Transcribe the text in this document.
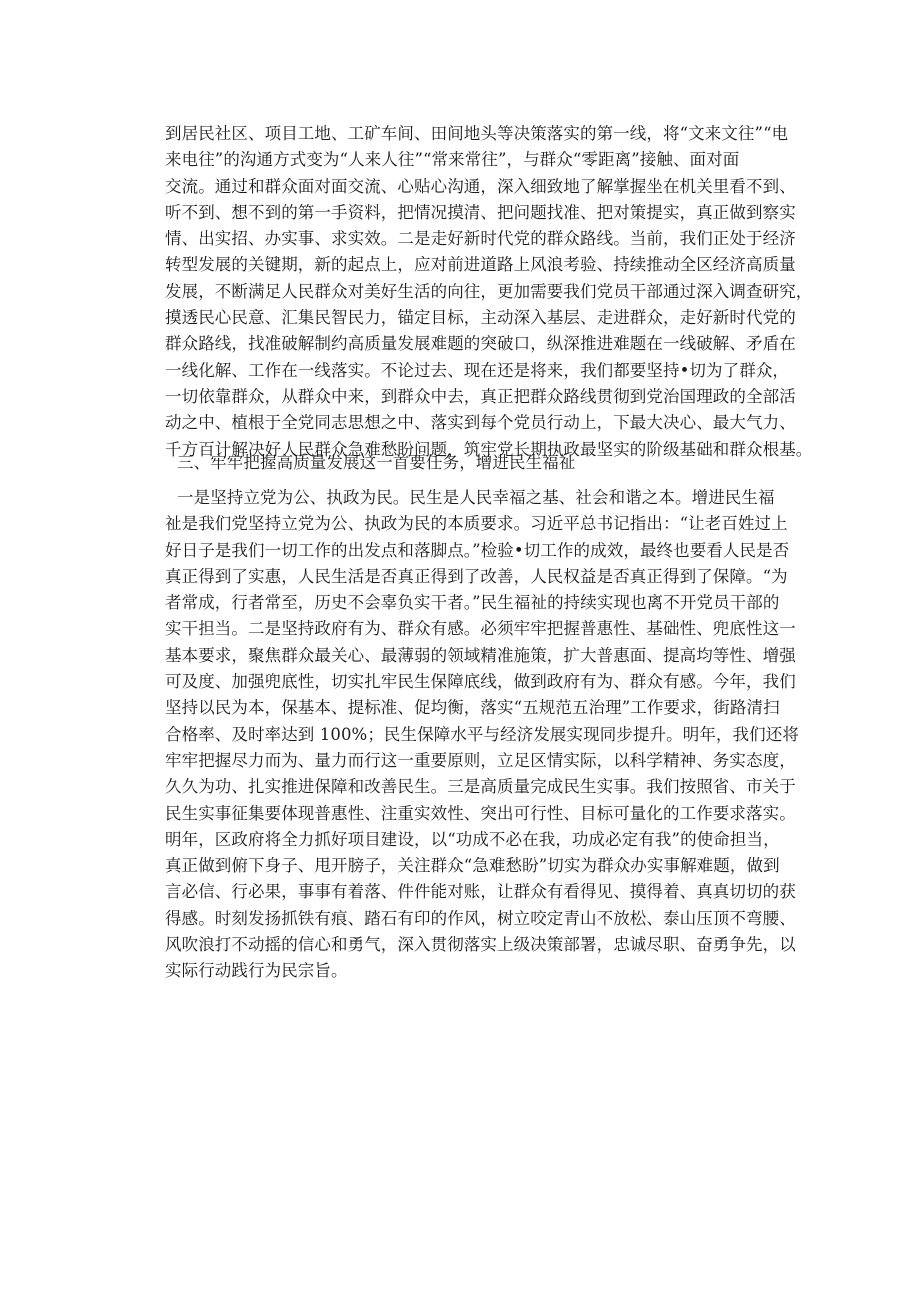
到居民社区、项目工地、工矿车间、田间地头等决策落实的第一线，将“文来文往”“电
来电往”的沟通方式变为“人来人往”“常来常往”，与群众“零距离”接触、面对面
交流。通过和群众面对面交流、心贴心沟通，深入细致地了解掌握坐在机关里看不到、
听不到、想不到的第一手资料，把情况摸清、把问题找准、把对策提实，真正做到察实
情、出实招、办实事、求实效。二是走好新时代党的群众路线。当前，我们正处于经济
转型发展的关键期，新的起点上，应对前进道路上风浪考验、持续推动全区经济高质量
发展，不断满足人民群众对美好生活的向往，更加需要我们党员干部通过深入调查研究，
摸透民心民意、汇集民智民力，锚定目标，主动深入基层、走进群众，走好新时代党的
群众路线，找准破解制约高质量发展难题的突破口，纵深推进难题在一线破解、矛盾在
一线化解、工作在一线落实。不论过去、现在还是将来，我们都要坚持•切为了群众，
一切依靠群众，从群众中来，到群众中去，真正把群众路线贯彻到党治国理政的全部活
动之中、植根于全党同志思想之中、落实到每个党员行动上，下最大决心、最大气力、
千方百计解决好人民群众急难愁盼问题，筑牢党长期执政最坚实的阶级基础和群众根基。
三、牢牢把握高质量发展这一首要任务，增进民生福祉
一是坚持立党为公、执政为民。民生是人民幸福之基、社会和谐之本。增进民生福
祉是我们党坚持立党为公、执政为民的本质要求。习近平总书记指出：“让老百姓过上
好日子是我们一切工作的出发点和落脚点。”检验•切工作的成效，最终也要看人民是否
真正得到了实惠，人民生活是否真正得到了改善，人民权益是否真正得到了保障。“为
者常成，行者常至，历史不会辜负实干者。”民生福祉的持续实现也离不开党员干部的
实干担当。二是坚持政府有为、群众有感。必须牢牢把握普惠性、基础性、兜底性这一
基本要求，聚焦群众最关心、最薄弱的领域精准施策，扩大普惠面、提高均等性、增强
可及度、加强兜底性，切实扎牢民生保障底线，做到政府有为、群众有感。今年，我们
坚持以民为本，保基本、提标准、促均衡，落实“五规范五治理”工作要求，街路清扫
合格率、及时率达到 100%；民生保障水平与经济发展实现同步提升。明年，我们还将
牢牢把握尽力而为、量力而行这一重要原则，立足区情实际，以科学精神、务实态度，
久久为功、扎实推进保障和改善民生。三是高质量完成民生实事。我们按照省、市关于
民生实事征集要体现普惠性、注重实效性、突出可行性、目标可量化的工作要求落实。
明年，区政府将全力抓好项目建设，以“功成不必在我，功成必定有我”的使命担当，
真正做到俯下身子、甩开膀子，关注群众“急难愁盼”切实为群众办实事解难题，做到
言必信、行必果，事事有着落、件件能对账，让群众有看得见、摸得着、真真切切的获
得感。时刻发扬抓铁有痕、踏石有印的作风，树立咬定青山不放松、泰山压顶不弯腰、
风吹浪打不动摇的信心和勇气，深入贯彻落实上级决策部署，忠诚尽职、奋勇争先，以
实际行动践行为民宗旨。
